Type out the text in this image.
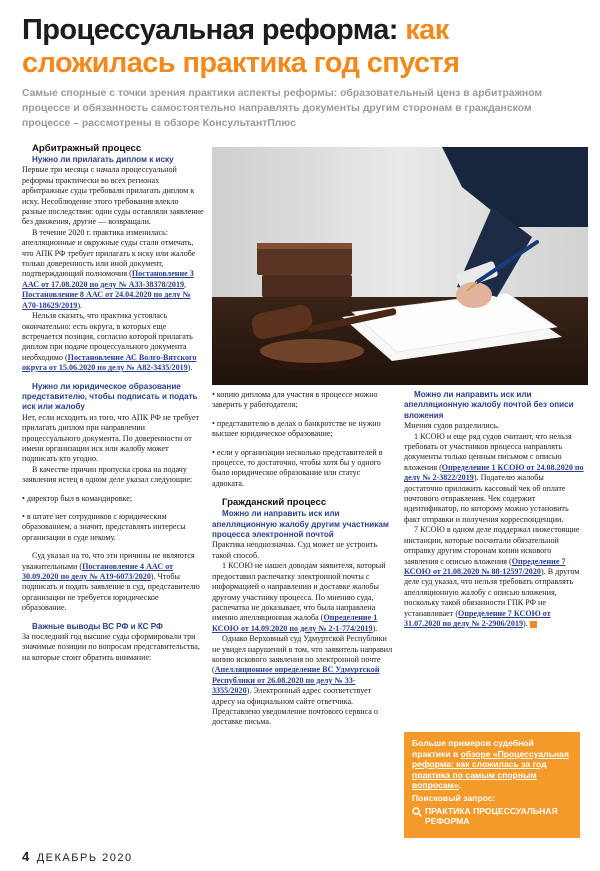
Процессуальная реформа: как
сложилась практика год спустя

Самые спорные с точки зрения практики аспекты реформы: образовательный ценз в арбитражном процессе и обязанность самостоятельно направлять документы другим сторонам в гражданском процессе – рассмотрены в обзоре КонсультантПлюс

Арбитражный процесс

Нужно ли прилагать диплом к иску

Первые три месяца с начала процессуальной реформы практически во всех регионах арбитражные суды требовали прилагать диплом к иску. Несоблюдение этого требования влекло разные последствия: одни суды оставляли заявление без движения, другие — возвращали.

В течение 2020 г. практика изменилась: апелляционные и окружные суды стали отмечать, что АПК РФ требует прилагать к иску или жалобе только доверенность или иной документ, подтверждающий полномочия (Постановление 3 ААС от 17.08.2020 по делу № А33-38378/2019, Постановление 8 ААС от 24.04.2020 по делу № А70-18629/2019).

Нельзя сказать, что практика устоялась окончательно: есть округа, в которых еще встречается позиция, согласно которой прилагать диплом при подаче процессуального документа необходимо (Постановление АС Волго-Вятского округа от 15.06.2020 по делу № А82-3435/2019).

Нужно ли юридическое образование представителю, чтобы подписать и подать иск или жалобу

Нет, если исходить из того, что АПК РФ не требует прилагать диплом при направлении процессуального документа. По доверенности от имени организации иск или жалобу может подписать кто угодно.

В качестве причин пропуска срока на подачу заявления истец в одном деле указал следующие:

• директор был в командировке;

• в штате нет сотрудников с юридическим образованием, а значит, представлять интересы организации в суде некому.

Суд указал на то, что эти причины не являются уважительными (Постановление 4 ААС от 30.09.2020 по делу № А19-6073/2020). Чтобы подписать и подать заявление в суд, представителю организации не требуется юридическое образование.

Важные выводы ВС РФ и КС РФ

За последний год высшие суды сформировали три значимые позиции по вопросам представительства, на которые стоит обратить внимание:

• копию диплома для участия в процессе можно заверить у работодателя;

• представителю в делах о банкротстве не нужно высшее юридическое образование;

• если у организации несколько представителей в процессе, то достаточно, чтобы хотя бы у одного было юридическое образование или статус адвоката.

Гражданский процесс

Можно ли направить иск или апелляционную жалобу другим участникам процесса электронной почтой

Практика неоднозначна. Суд может не устроить такой способ.

1 КСОЮ не нашел доводам заявителя, который предоставил распечатку электронной почты с информацией о направлении и доставке жалобы другому участнику процесса. По мнению суда, распечатка не доказывает, что была направлена именно апелляционная жалоба (Определение 1 КСОЮ от 14.09.2020 по делу № 2-1-774/2019).

Однако Верховный суд Удмуртской Республики не увидел нарушений в том, что заявитель направил копию искового заявления по электронной почте (Апелляционное определение ВС Удмуртской Республики от 26.08.2020 по делу № 33-3355/2020). Электронный адрес соответствует адресу на официальном сайте ответчика. Представлено уведомление почтового сервиса о доставке письма.

Можно ли направить иск или апелляционную жалобу почтой без описи вложения

Мнения судов разделились.

1 КСОЮ и еще ряд судов считают, что нельзя требовать от участников процесса направлять документы только ценным письмом с описью вложения (Определение 1 КСОЮ от 24.08.2020 по делу № 2-3822/2019). Подателю жалобы достаточно приложить кассовый чек об оплате почтового отправления. Чек содержит идентификатор, по которому можно установить факт отправки и получения корреспонденции.

7 КСОЮ в одном деле поддержал нижестоящие инстанции, которые посчитали обязательной отправку другим сторонам копии искового заявления с описью вложения (Определение 7 КСОЮ от 21.08.2020 № 88-12597/2020). В другом деле суд указал, что нельзя требовать отправлять апелляционную жалобу с описью вложения, поскольку такой обязанности ГПК РФ не устанавливает (Определение 7 КСОЮ от 31.07.2020 по делу № 2-2906/2019).

Больше примеров судебной практики в обзоре «Процессуальная реформа: как сложилась за год практика по самым спорным вопросам».
Поисковый запрос:
ПРАКТИКА ПРОЦЕССУАЛЬНАЯ РЕФОРМА
4 ДЕКАБРЬ 2020
